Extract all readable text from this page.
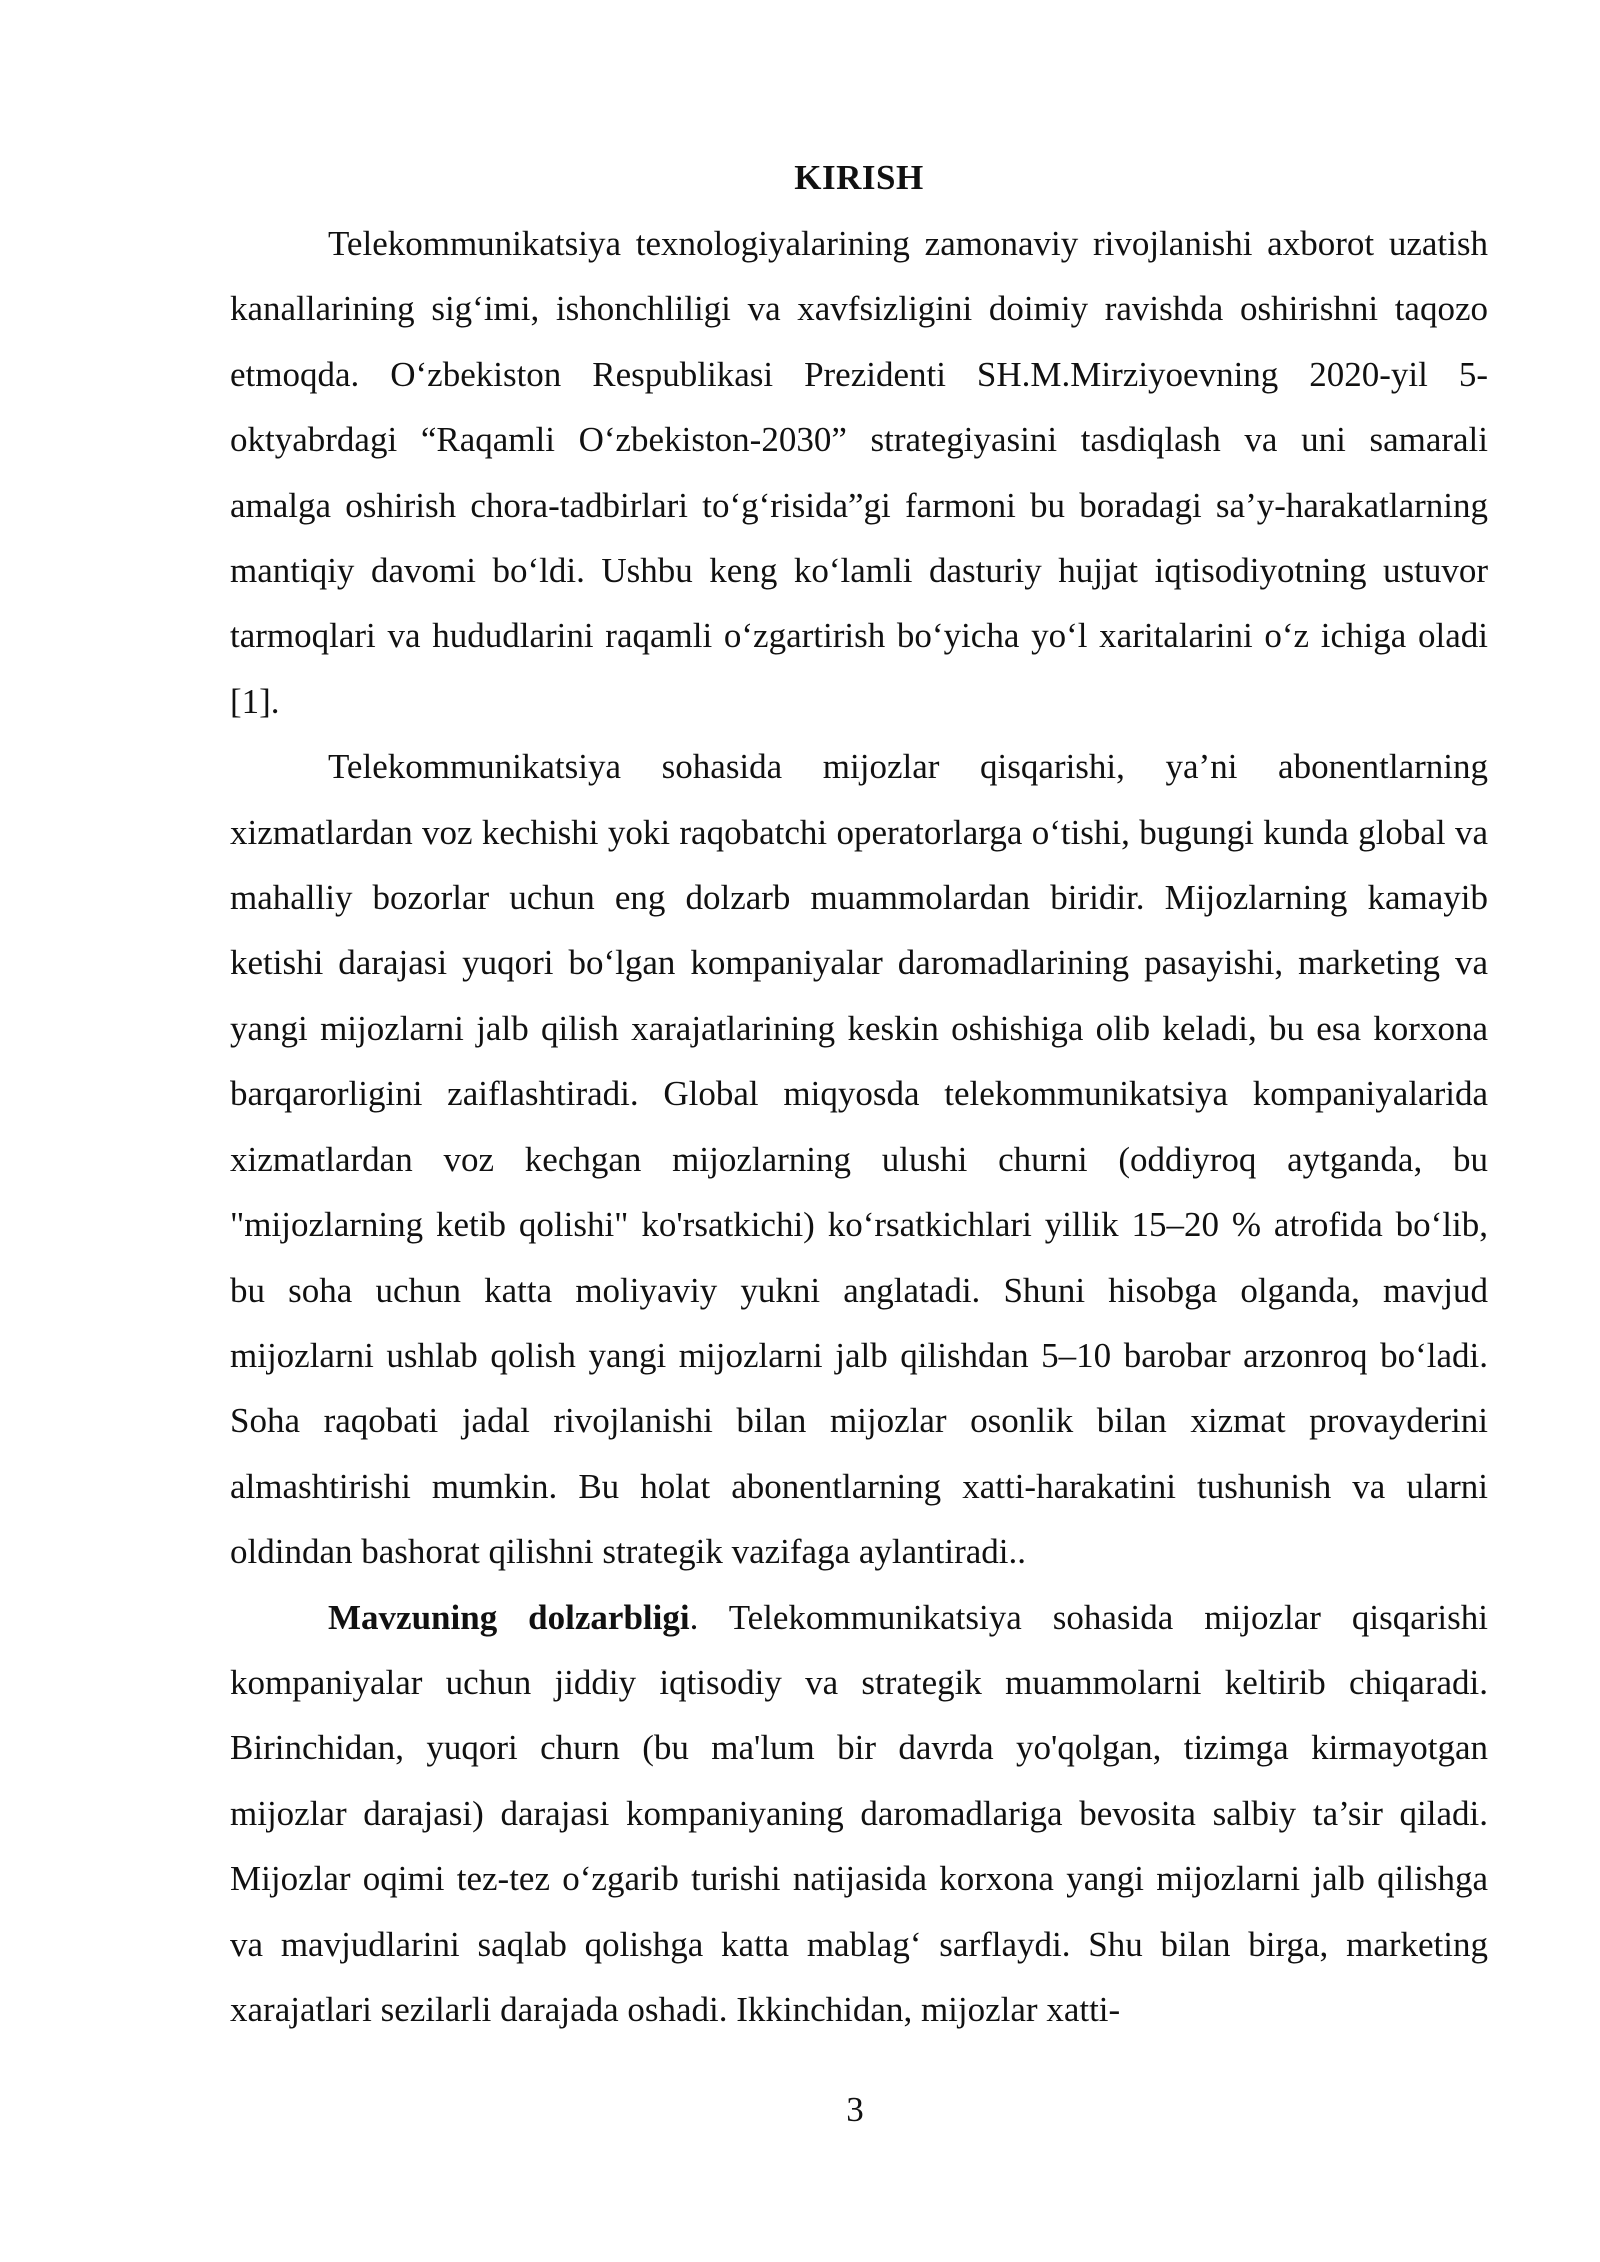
KIRISH

Telekommunikatsiya texnologiyalarining zamonaviy rivojlanishi axborot uzatish kanallarining sig‘imi, ishonchliligi va xavfsizligini doimiy ravishda oshirishni taqozo etmoqda. O‘zbekiston Respublikasi Prezidenti SH.M.Mirziyoevning 2020-yil 5-oktyabrdagi “Raqamli O‘zbekiston-2030” strategiyasini tasdiqlash va uni samarali amalga oshirish chora-tadbirlari to‘g‘risida”gi farmoni bu boradagi sa’y-harakatlarning mantiqiy davomi bo‘ldi. Ushbu keng ko‘lamli dasturiy hujjat iqtisodiyotning ustuvor tarmoqlari va hududlarini raqamli o‘zgartirish bo‘yicha yo‘l xaritalarini o‘z ichiga oladi [1].

Telekommunikatsiya sohasida mijozlar qisqarishi, ya’ni abonentlarning xizmatlardan voz kechishi yoki raqobatchi operatorlarga o‘tishi, bugungi kunda global va mahalliy bozorlar uchun eng dolzarb muammolardan biridir. Mijozlarning kamayib ketishi darajasi yuqori bo‘lgan kompaniyalar daromadlarining pasayishi, marketing va yangi mijozlarni jalb qilish xarajatlarining keskin oshishiga olib keladi, bu esa korxona barqarorligini zaiflashtiradi. Global miqyosda telekommunikatsiya kompaniyalarida xizmatlardan voz kechgan mijozlarning ulushi churni (oddiyroq aytganda, bu "mijozlarning ketib qolishi" ko'rsatkichi) ko‘rsatkichlari yillik 15–20 % atrofida bo‘lib, bu soha uchun katta moliyaviy yukni anglatadi. Shuni hisobga olganda, mavjud mijozlarni ushlab qolish yangi mijozlarni jalb qilishdan 5–10 barobar arzonroq bo‘ladi. Soha raqobati jadal rivojlanishi bilan mijozlar osonlik bilan xizmat provayderini almashtirishi mumkin. Bu holat abonentlarning xatti-harakatini tushunish va ularni oldindan bashorat qilishni strategik vazifaga aylantiradi..

Mavzuning dolzarbligi. Telekommunikatsiya sohasida mijozlar qisqarishi kompaniyalar uchun jiddiy iqtisodiy va strategik muammolarni keltirib chiqaradi. Birinchidan, yuqori churn (bu ma'lum bir davrda yo'qolgan, tizimga kirmayotgan mijozlar darajasi) darajasi kompaniyaning daromadlariga bevosita salbiy ta’sir qiladi. Mijozlar oqimi tez-tez o‘zgarib turishi natijasida korxona yangi mijozlarni jalb qilishga va mavjudlarini saqlab qolishga katta mablag‘ sarflaydi. Shu bilan birga, marketing xarajatlari sezilarli darajada oshadi. Ikkinchidan, mijozlar xatti-

3
